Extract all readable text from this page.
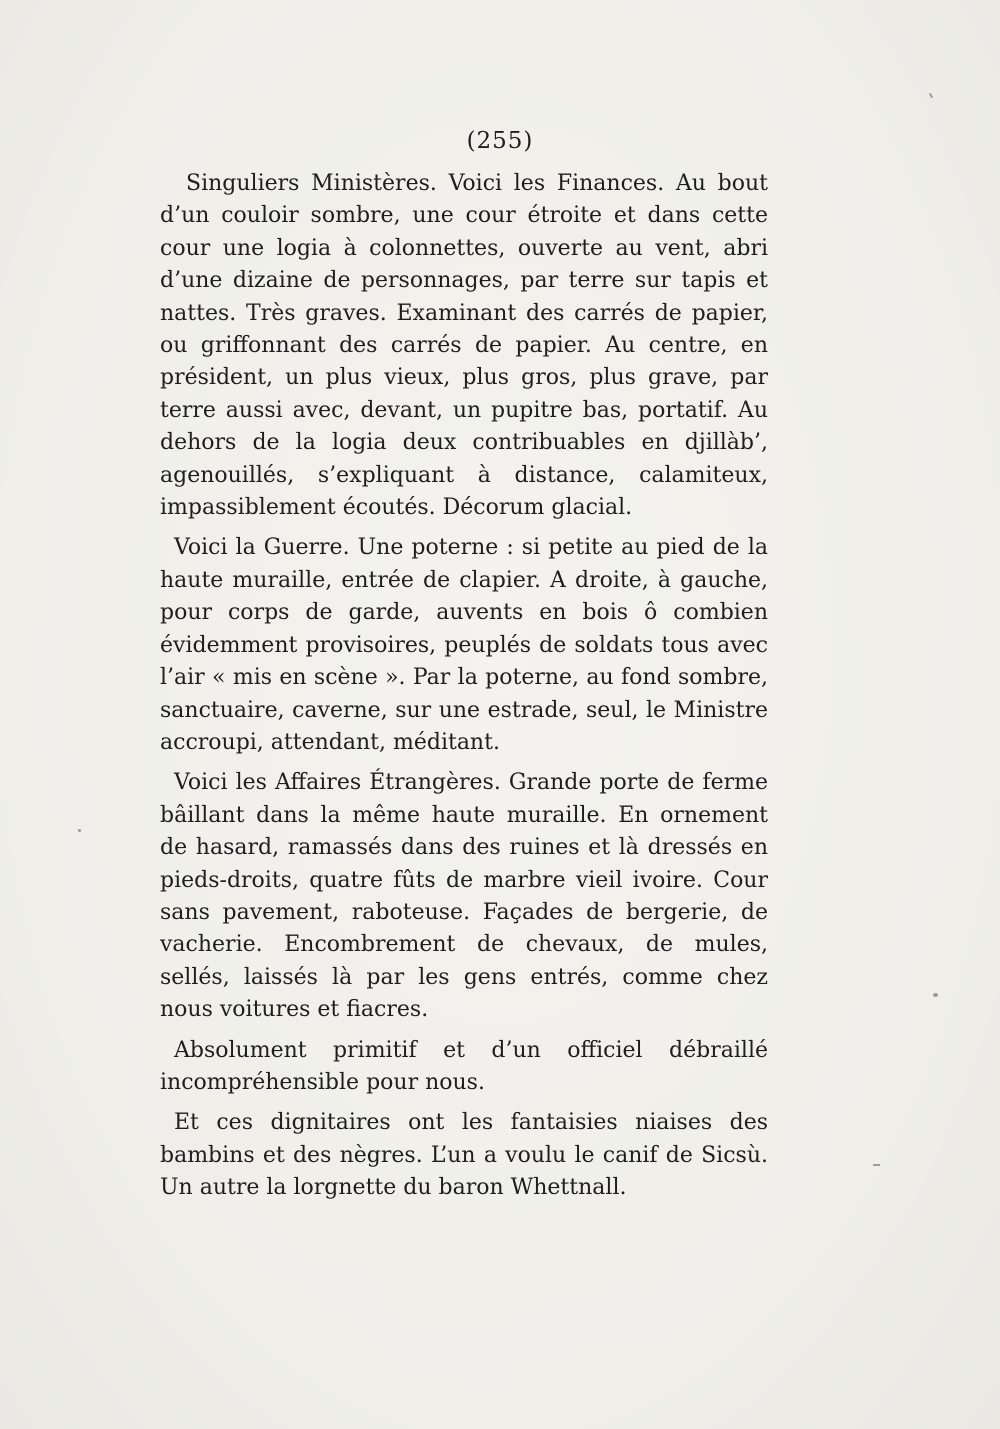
(255)

Singuliers Ministères. Voici les Finances. Au bout d’un couloir sombre, une cour étroite et dans cette cour une logia à colonnettes, ouverte au vent, abri d’une dizaine de personnages, par terre sur tapis et nattes. Très graves. Examinant des carrés de papier, ou griffonnant des carrés de papier. Au centre, en président, un plus vieux, plus gros, plus grave, par terre aussi avec, devant, un pupitre bas, portatif. Au dehors de la logia deux contribuables en djillàb’, agenouillés, s’expliquant à distance, calamiteux, impassiblement écoutés. Décorum glacial.

Voici la Guerre. Une poterne : si petite au pied de la haute muraille, entrée de clapier. A droite, à gauche, pour corps de garde, auvents en bois ô combien évidemment provisoires, peuplés de soldats tous avec l’air « mis en scène ». Par la poterne, au fond sombre, sanctuaire, caverne, sur une estrade, seul, le Ministre accroupi, attendant, méditant.

Voici les Affaires Étrangères. Grande porte de ferme bâillant dans la même haute muraille. En ornement de hasard, ramassés dans des ruines et là dressés en pieds-droits, quatre fûts de marbre vieil ivoire. Cour sans pavement, raboteuse. Façades de bergerie, de vacherie. Encombrement de chevaux, de mules, sellés, laissés là par les gens entrés, comme chez nous voitures et fiacres.

Absolument primitif et d’un officiel débraillé incompréhensible pour nous.

Et ces dignitaires ont les fantaisies niaises des bambins et des nègres. L’un a voulu le canif de Sicsù. Un autre la lorgnette du baron Whettnall.
